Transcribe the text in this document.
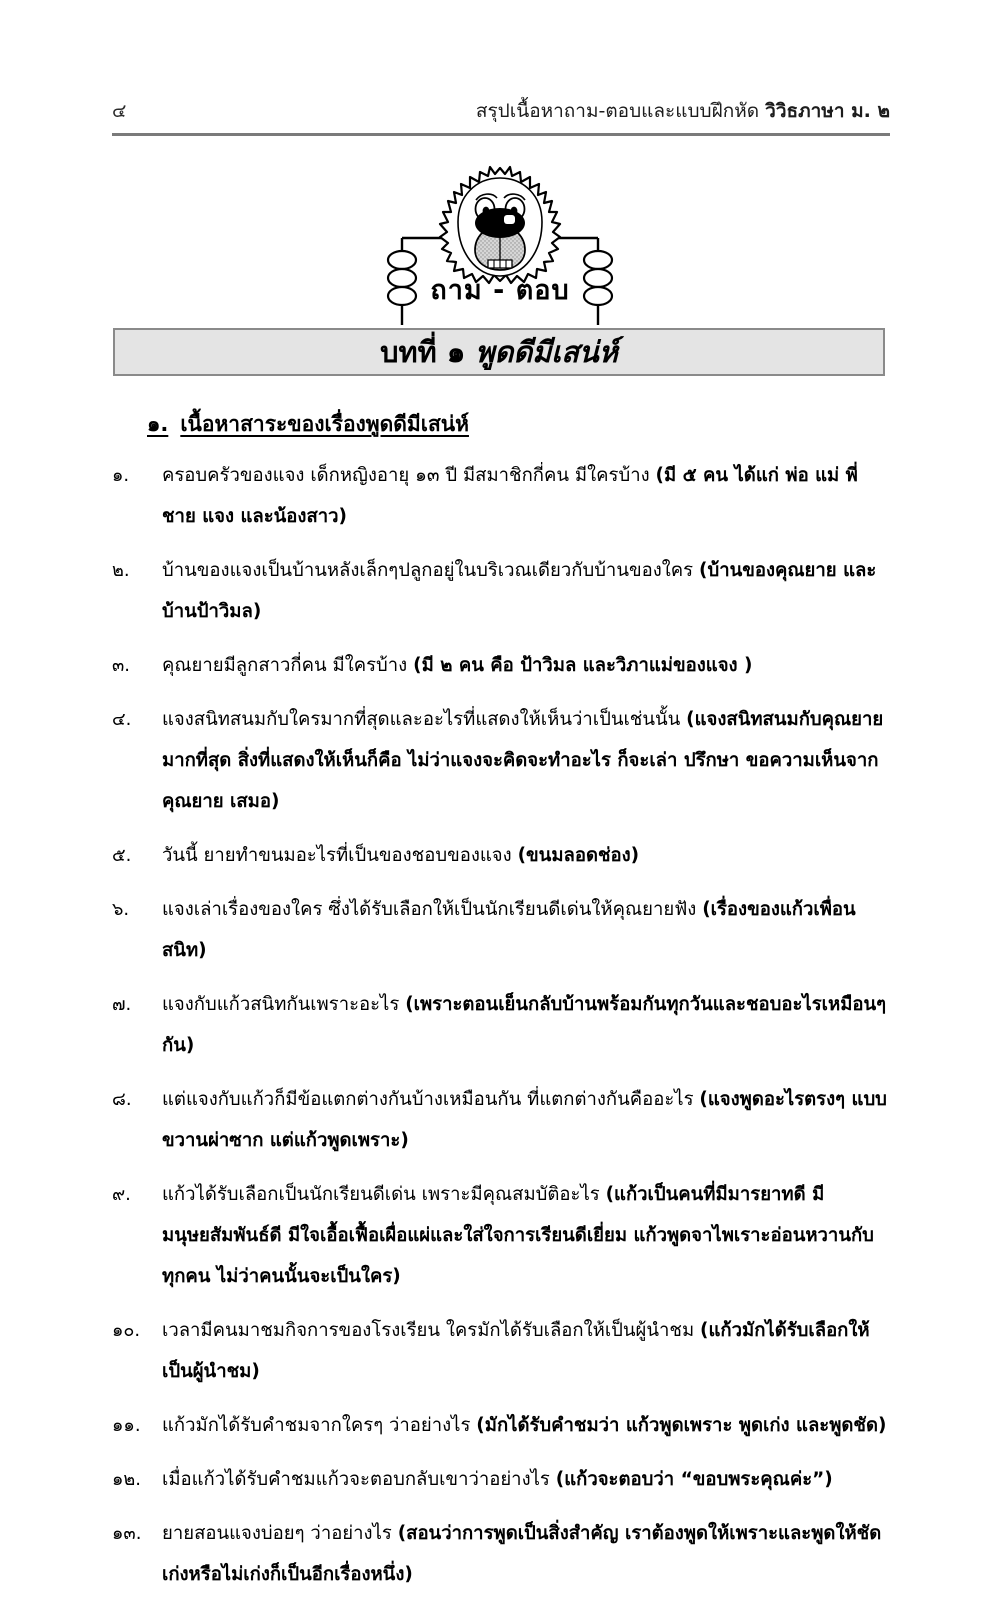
๔	สรุปเนื้อหาถาม-ตอบและแบบฝึกหัด วิวิธภาษา ม. ๒
ถาม - ตอบ
บทที่ ๑ พูดดีมีเสน่ห์
๑. เนื้อหาสาระของเรื่องพูดดีมีเสน่ห์
๑.	ครอบครัวของแจง เด็กหญิงอายุ ๑๓ ปี มีสมาชิกกี่คน มีใครบ้าง (มี ๕ คน ได้แก่ พ่อ แม่ พี่ชาย แจง และน้องสาว)
๒.	บ้านของแจงเป็นบ้านหลังเล็กๆปลูกอยู่ในบริเวณเดียวกับบ้านของใคร (บ้านของคุณยาย และบ้านป้าวิมล)
๓.	คุณยายมีลูกสาวกี่คน มีใครบ้าง (มี ๒ คน คือ ป้าวิมล และวิภาแม่ของแจง )
๔.	แจงสนิทสนมกับใครมากที่สุดและอะไรที่แสดงให้เห็นว่าเป็นเช่นนั้น (แจงสนิทสนมกับคุณยายมากที่สุด สิ่งที่แสดงให้เห็นก็คือ ไม่ว่าแจงจะคิดจะทำอะไร ก็จะเล่า ปรึกษา ขอความเห็นจากคุณยาย เสมอ)
๕.	วันนี้ ยายทำขนมอะไรที่เป็นของชอบของแจง (ขนมลอดช่อง)
๖.	แจงเล่าเรื่องของใคร ซึ่งได้รับเลือกให้เป็นนักเรียนดีเด่นให้คุณยายฟัง (เรื่องของแก้วเพื่อนสนิท)
๗.	แจงกับแก้วสนิทกันเพราะอะไร (เพราะตอนเย็นกลับบ้านพร้อมกันทุกวันและชอบอะไรเหมือนๆกัน)
๘.	แต่แจงกับแก้วก็มีข้อแตกต่างกันบ้างเหมือนกัน ที่แตกต่างกันคืออะไร (แจงพูดอะไรตรงๆ แบบขวานผ่าซาก แต่แก้วพูดเพราะ)
๙.	แก้วได้รับเลือกเป็นนักเรียนดีเด่น เพราะมีคุณสมบัติอะไร (แก้วเป็นคนที่มีมารยาทดี มีมนุษยสัมพันธ์ดี มีใจเอื้อเฟื้อเผื่อแผ่และใส่ใจการเรียนดีเยี่ยม แก้วพูดจาไพเราะอ่อนหวานกับทุกคน ไม่ว่าคนนั้นจะเป็นใคร)
๑๐.	เวลามีคนมาชมกิจการของโรงเรียน ใครมักได้รับเลือกให้เป็นผู้นำชม (แก้วมักได้รับเลือกให้เป็นผู้นำชม)
๑๑.	แก้วมักได้รับคำชมจากใครๆ ว่าอย่างไร (มักได้รับคำชมว่า แก้วพูดเพราะ พูดเก่ง และพูดชัด)
๑๒.	เมื่อแก้วได้รับคำชมแก้วจะตอบกลับเขาว่าอย่างไร (แก้วจะตอบว่า “ขอบพระคุณค่ะ”)
๑๓.	ยายสอนแจงบ่อยๆ ว่าอย่างไร (สอนว่าการพูดเป็นสิ่งสำคัญ เราต้องพูดให้เพราะและพูดให้ชัด เก่งหรือไม่เก่งก็เป็นอีกเรื่องหนึ่ง)
